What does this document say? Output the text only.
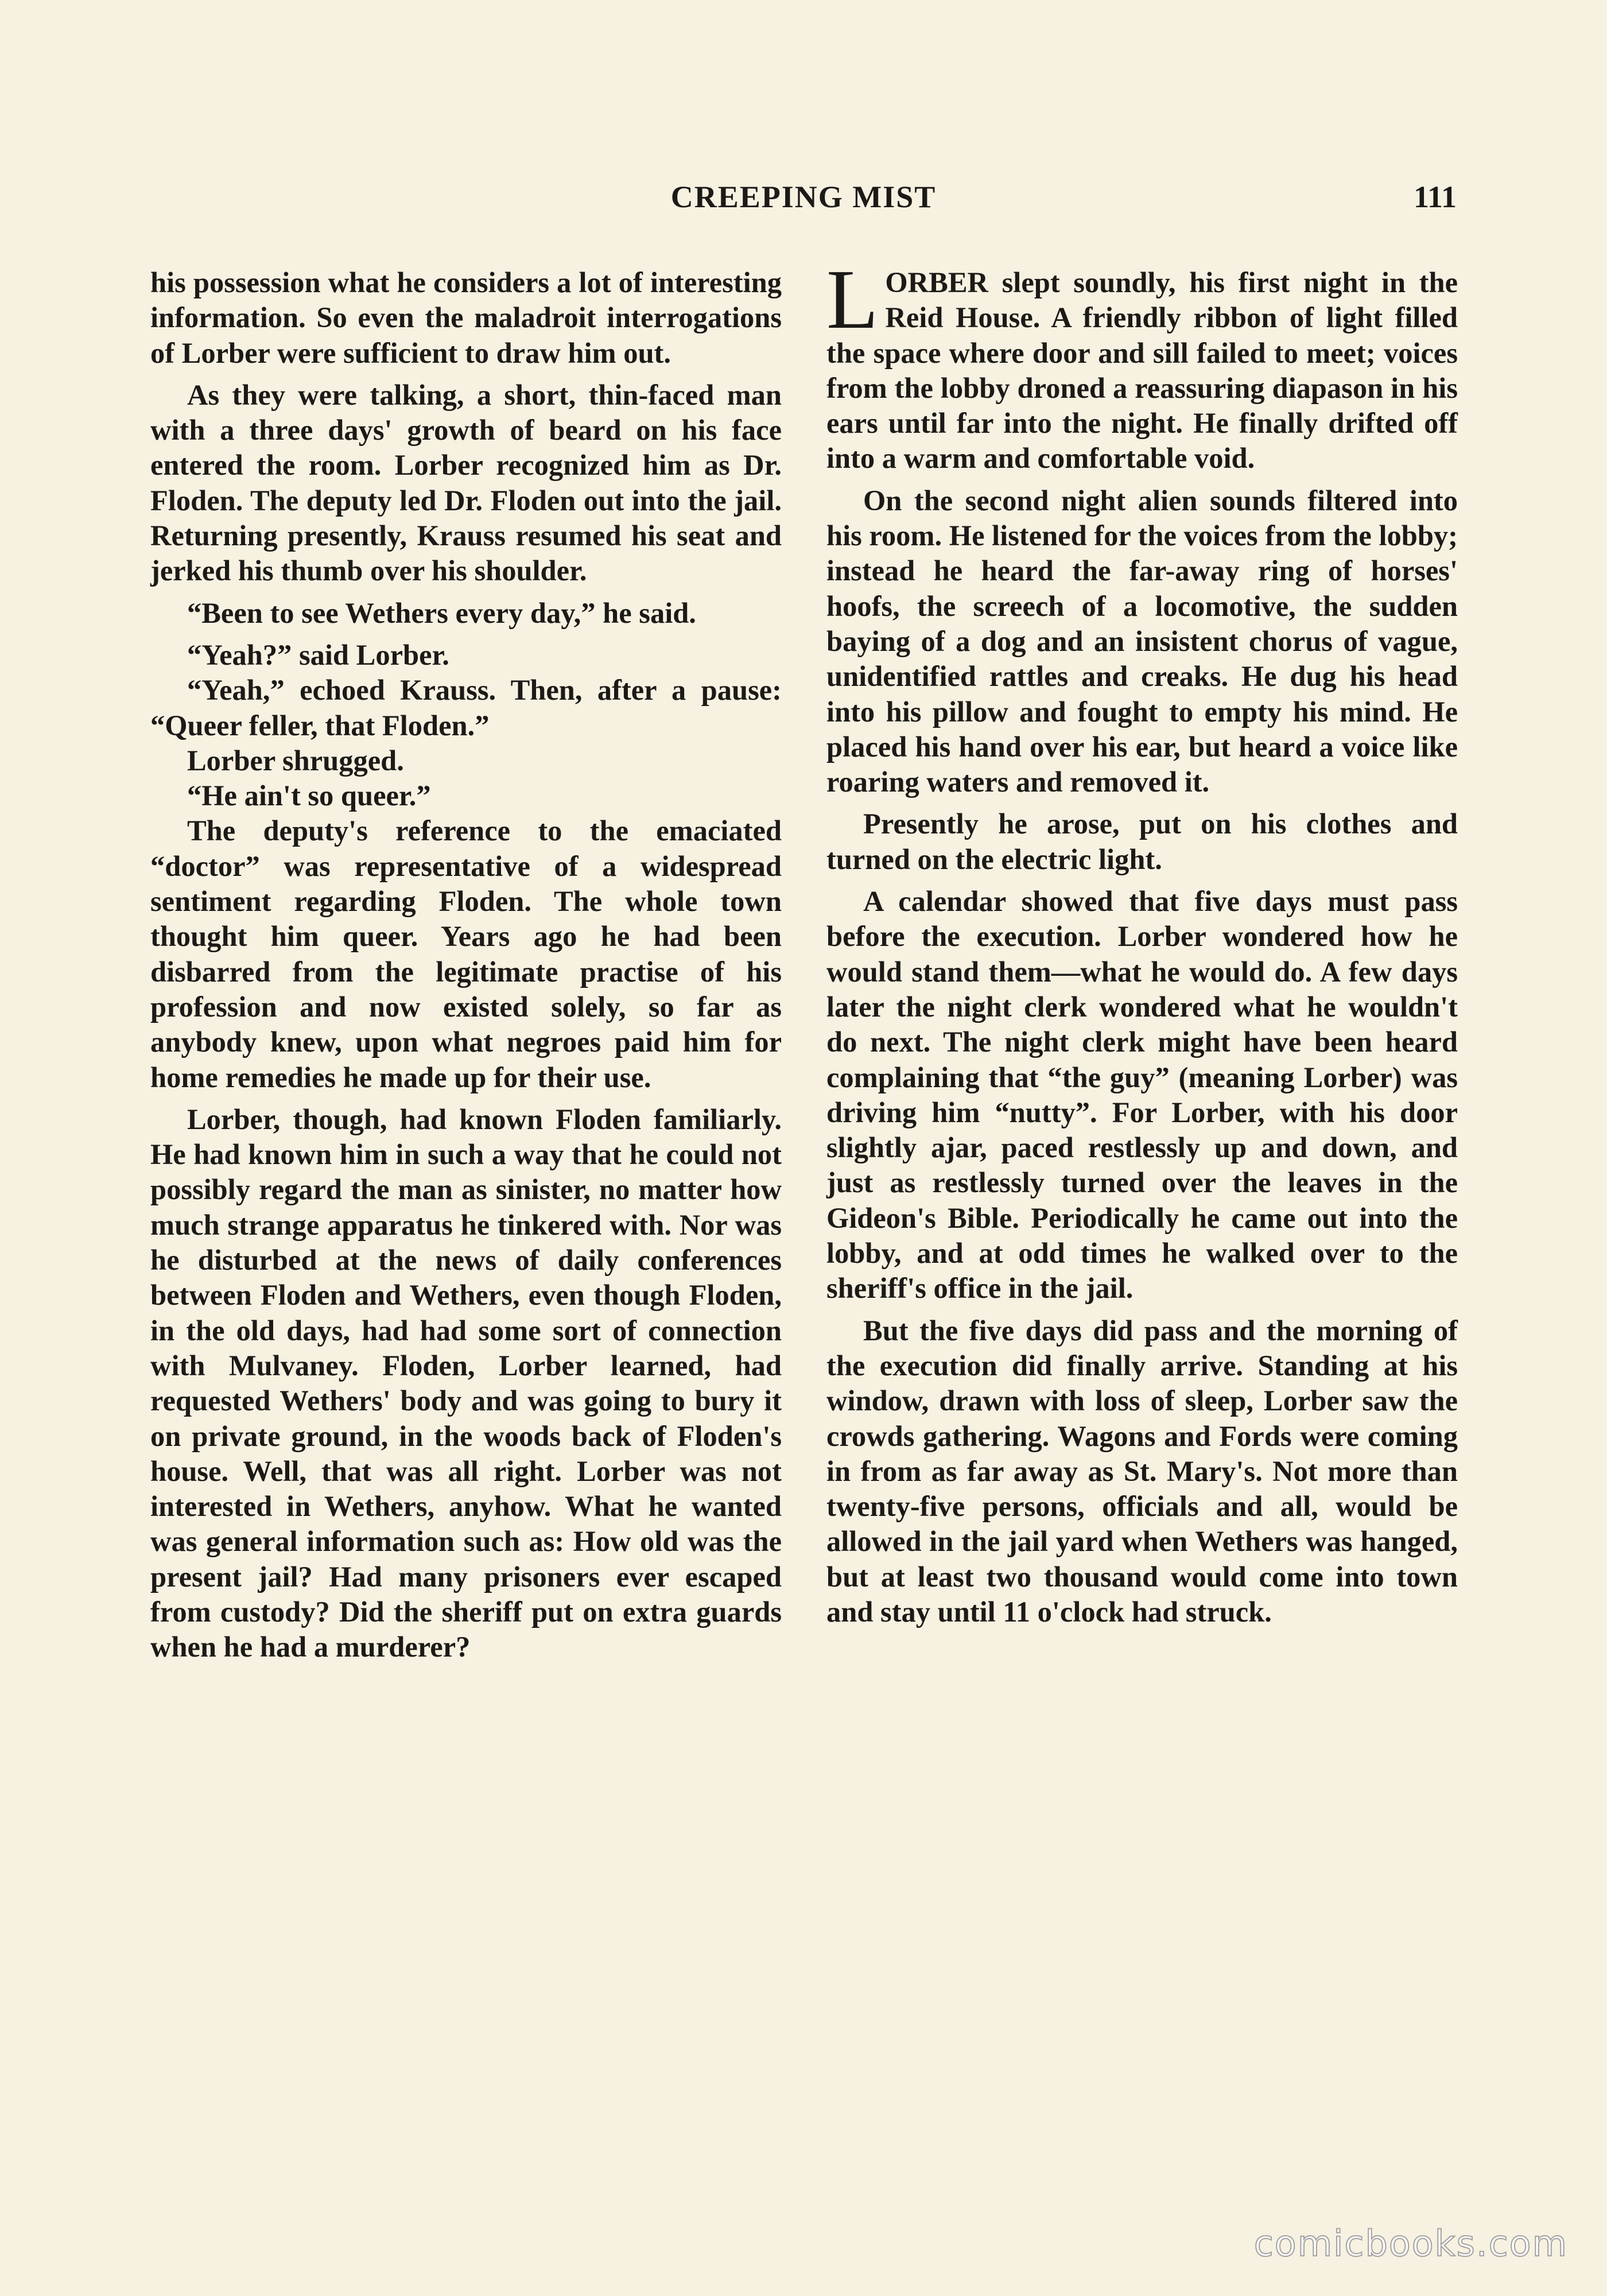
CREEPING MIST	111

his possession what he considers a lot of interesting information. So even the maladroit interrogations of Lorber were sufficient to draw him out.

As they were talking, a short, thin-faced man with a three days' growth of beard on his face entered the room. Lorber recognized him as Dr. Floden. The deputy led Dr. Floden out into the jail. Returning presently, Krauss resumed his seat and jerked his thumb over his shoulder.

“Been to see Wethers every day,” he said.

“Yeah?” said Lorber.

“Yeah,” echoed Krauss. Then, after a pause: “Queer feller, that Floden.”

Lorber shrugged.

“He ain't so queer.”

The deputy's reference to the emaciated “doctor” was representative of a widespread sentiment regarding Floden. The whole town thought him queer. Years ago he had been disbarred from the legitimate practise of his profession and now existed solely, so far as anybody knew, upon what negroes paid him for home remedies he made up for their use.

Lorber, though, had known Floden familiarly. He had known him in such a way that he could not possibly regard the man as sinister, no matter how much strange apparatus he tinkered with. Nor was he disturbed at the news of daily conferences between Floden and Wethers, even though Floden, in the old days, had had some sort of connection with Mulvaney. Floden, Lorber learned, had requested Wethers' body and was going to bury it on private ground, in the woods back of Floden's house. Well, that was all right. Lorber was not interested in Wethers, anyhow. What he wanted was general information such as: How old was the present jail? Had many prisoners ever escaped from custody? Did the sheriff put on extra guards when he had a murderer?

LORBER slept soundly, his first night in the Reid House. A friendly ribbon of light filled the space where door and sill failed to meet; voices from the lobby droned a reassuring diapason in his ears until far into the night. He finally drifted off into a warm and comfortable void.

On the second night alien sounds filtered into his room. He listened for the voices from the lobby; instead he heard the far-away ring of horses' hoofs, the screech of a locomotive, the sudden baying of a dog and an insistent chorus of vague, unidentified rattles and creaks. He dug his head into his pillow and fought to empty his mind. He placed his hand over his ear, but heard a voice like roaring waters and removed it.

Presently he arose, put on his clothes and turned on the electric light.

A calendar showed that five days must pass before the execution. Lorber wondered how he would stand them—what he would do. A few days later the night clerk wondered what he wouldn't do next. The night clerk might have been heard complaining that “the guy” (meaning Lorber) was driving him “nutty”. For Lorber, with his door slightly ajar, paced restlessly up and down, and just as restlessly turned over the leaves in the Gideon's Bible. Periodically he came out into the lobby, and at odd times he walked over to the sheriff's office in the jail.

But the five days did pass and the morning of the execution did finally arrive. Standing at his window, drawn with loss of sleep, Lorber saw the crowds gathering. Wagons and Fords were coming in from as far away as St. Mary's. Not more than twenty-five persons, officials and all, would be allowed in the jail yard when Wethers was hanged, but at least two thousand would come into town and stay until 11 o'clock had struck.

comicbooks.com
